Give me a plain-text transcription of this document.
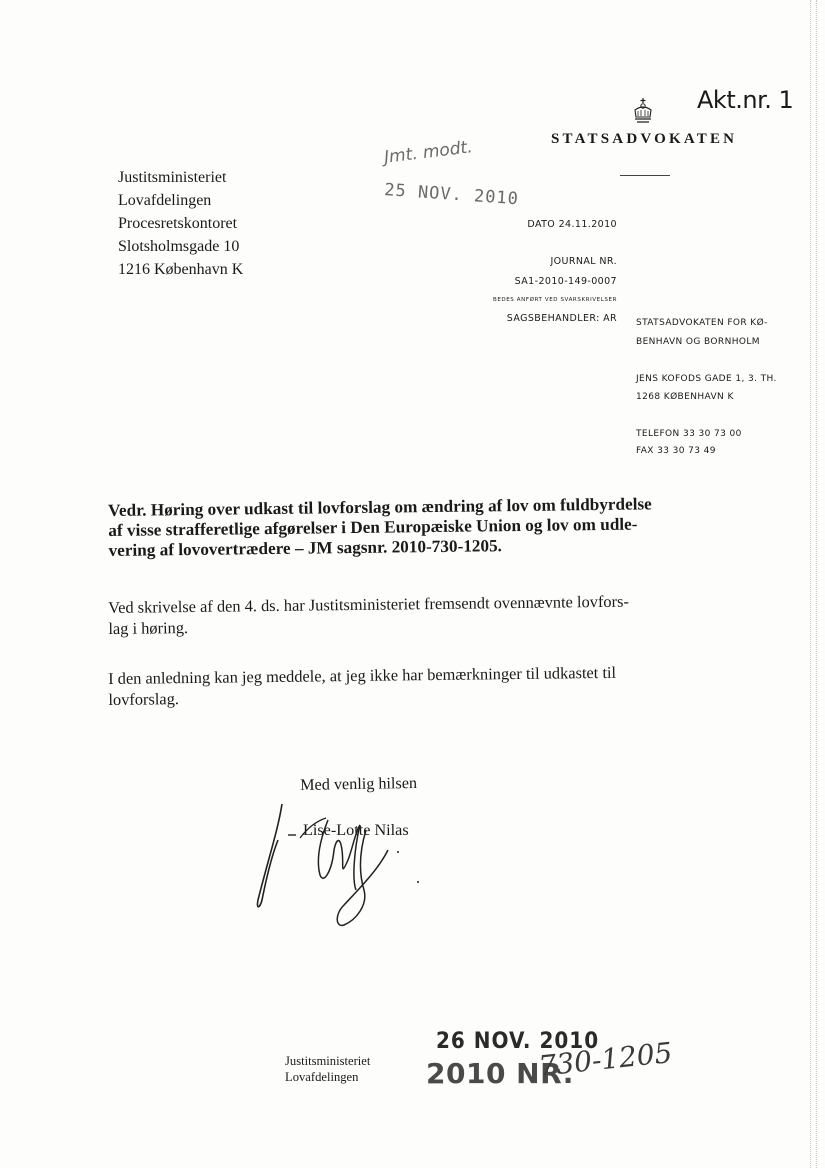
Akt.nr. 1
STATSADVOKATEN
Justitsministeriet
Lovafdelingen
Procesretskontoret
Slotsholmsgade 10
1216 København K
Jmt. modt.
25 NOV. 2010
DATO 24.11.2010
JOURNAL NR.
SA1-2010-149-0007
BEDES ANFØRT VED SVARSKRIVELSER
SAGSBEHANDLER: AR STATSADVOKATEN FOR KØ-
BENHAVN OG BORNHOLM
JENS KOFODS GADE 1, 3. TH.
1268 KØBENHAVN K
TELEFON 33 30 73 00
FAX 33 30 73 49
Vedr. Høring over udkast til lovforslag om ændring af lov om fuldbyrdelse
af visse strafferetlige afgørelser i Den Europæiske Union og lov om udle-
vering af lovovertrædere – JM sagsnr. 2010-730-1205.
Ved skrivelse af den 4. ds. har Justitsministeriet fremsendt ovennævnte lovfors-
lag i høring.
I den anledning kan jeg meddele, at jeg ikke har bemærkninger til udkastet til
lovforslag.
Med venlig hilsen
Lise-Lotte Nilas
26 NOV. 2010
2010 NR.
730-1205
Justitsministeriet
Lovafdelingen
